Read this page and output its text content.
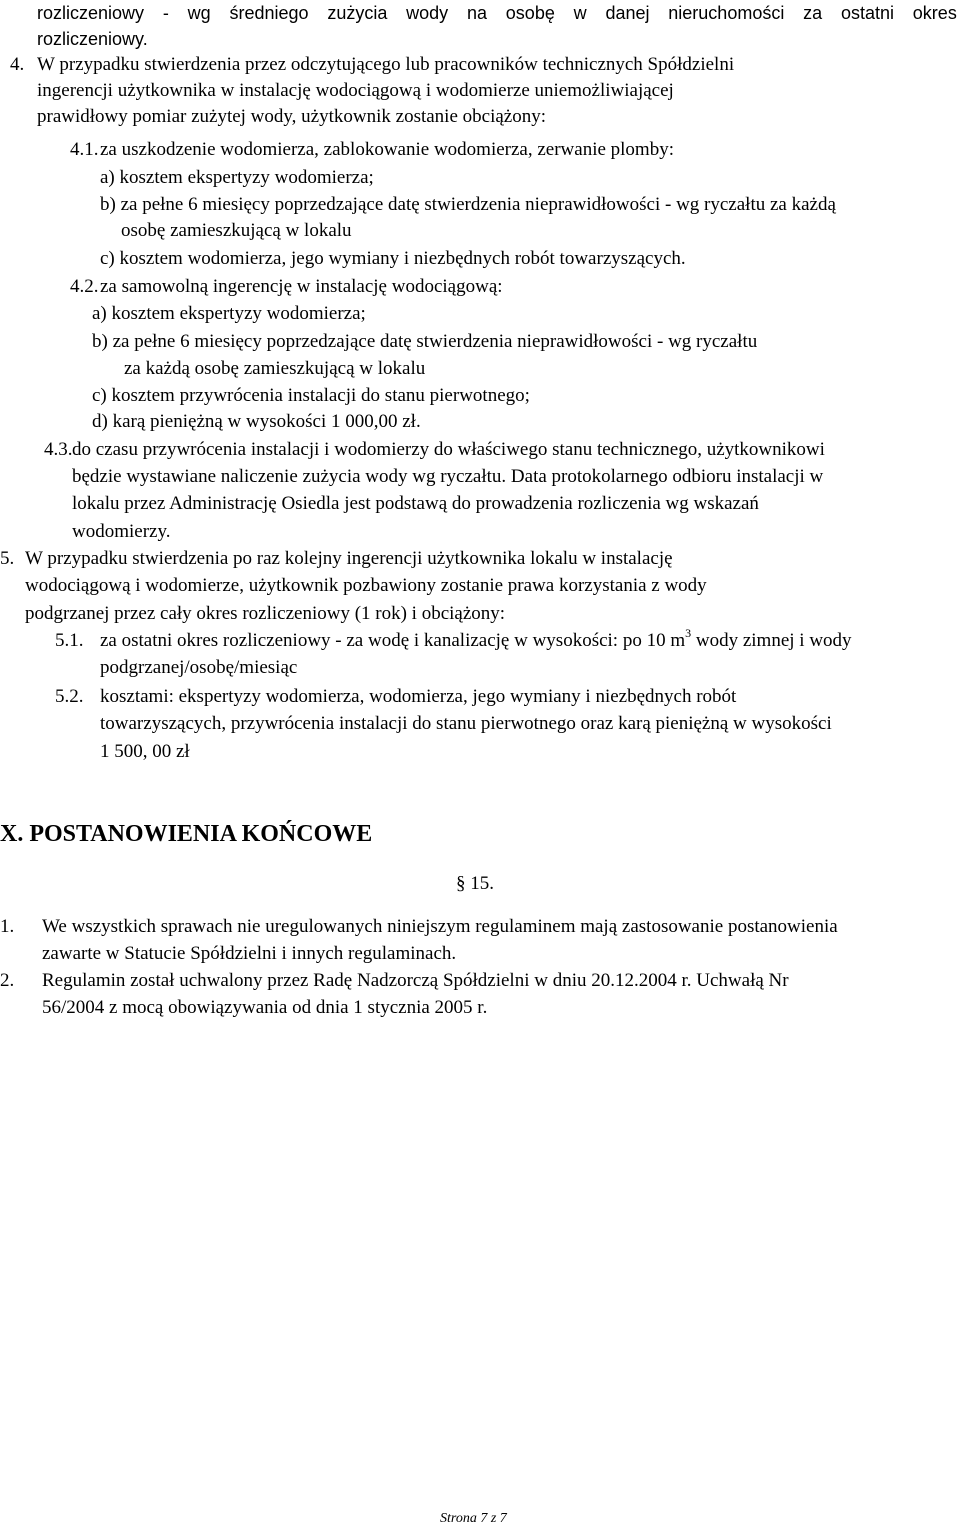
rozliczeniowy - wg średniego zużycia wody na osobę w danej nieruchomości za ostatni okres
rozliczeniowy.
4. W przypadku stwierdzenia przez odczytującego lub pracowników technicznych Spółdzielni
ingerencji użytkownika w instalację wodociągową i wodomierze uniemożliwiającej
prawidłowy pomiar zużytej wody, użytkownik zostanie obciążony:
4.1. za uszkodzenie wodomierza, zablokowanie wodomierza, zerwanie plomby:
a) kosztem ekspertyzy wodomierza;
b) za pełne 6 miesięcy poprzedzające datę stwierdzenia nieprawidłowości - wg ryczałtu za każdą
osobę zamieszkującą w lokalu
c) kosztem wodomierza, jego wymiany i niezbędnych robót towarzyszących.
4.2. za samowolną ingerencję w instalację wodociągową:
a) kosztem ekspertyzy wodomierza;
b) za pełne 6 miesięcy poprzedzające datę stwierdzenia nieprawidłowości - wg ryczałtu
za każdą osobę zamieszkującą w lokalu
c) kosztem przywrócenia instalacji do stanu pierwotnego;
d) karą pieniężną w wysokości 1 000,00 zł.
4.3. do czasu przywrócenia instalacji i wodomierzy do właściwego stanu technicznego, użytkownikowi
będzie wystawiane naliczenie zużycia wody wg ryczałtu. Data protokolarnego odbioru instalacji w
lokalu przez Administrację Osiedla jest podstawą do prowadzenia rozliczenia wg wskazań
wodomierzy.
5. W przypadku stwierdzenia po raz kolejny ingerencji użytkownika lokalu w instalację
wodociągową i wodomierze, użytkownik pozbawiony zostanie prawa korzystania z wody
podgrzanej przez cały okres rozliczeniowy (1 rok) i obciążony:
5.1. za ostatni okres rozliczeniowy - za wodę i kanalizację w wysokości: po 10 $m^3$ wody zimnej i wody
podgrzanej/osobę/miesiąc
5.2. kosztami: ekspertyzy wodomierza, wodomierza, jego wymiany i niezbędnych robót
towarzyszących, przywrócenia instalacji do stanu pierwotnego oraz karą pieniężną w wysokości
1 500, 00 zł
X. POSTANOWIENIA KOŃCOWE
§ 15.
1. We wszystkich sprawach nie uregulowanych niniejszym regulaminem mają zastosowanie postanowienia
zawarte w Statucie Spółdzielni i innych regulaminach.
2. Regulamin został uchwalony przez Radę Nadzorczą Spółdzielni w dniu 20.12.2004 r. Uchwałą Nr
56/2004 z mocą obowiązywania od dnia 1 stycznia 2005 r.
Strona 7 z 7
